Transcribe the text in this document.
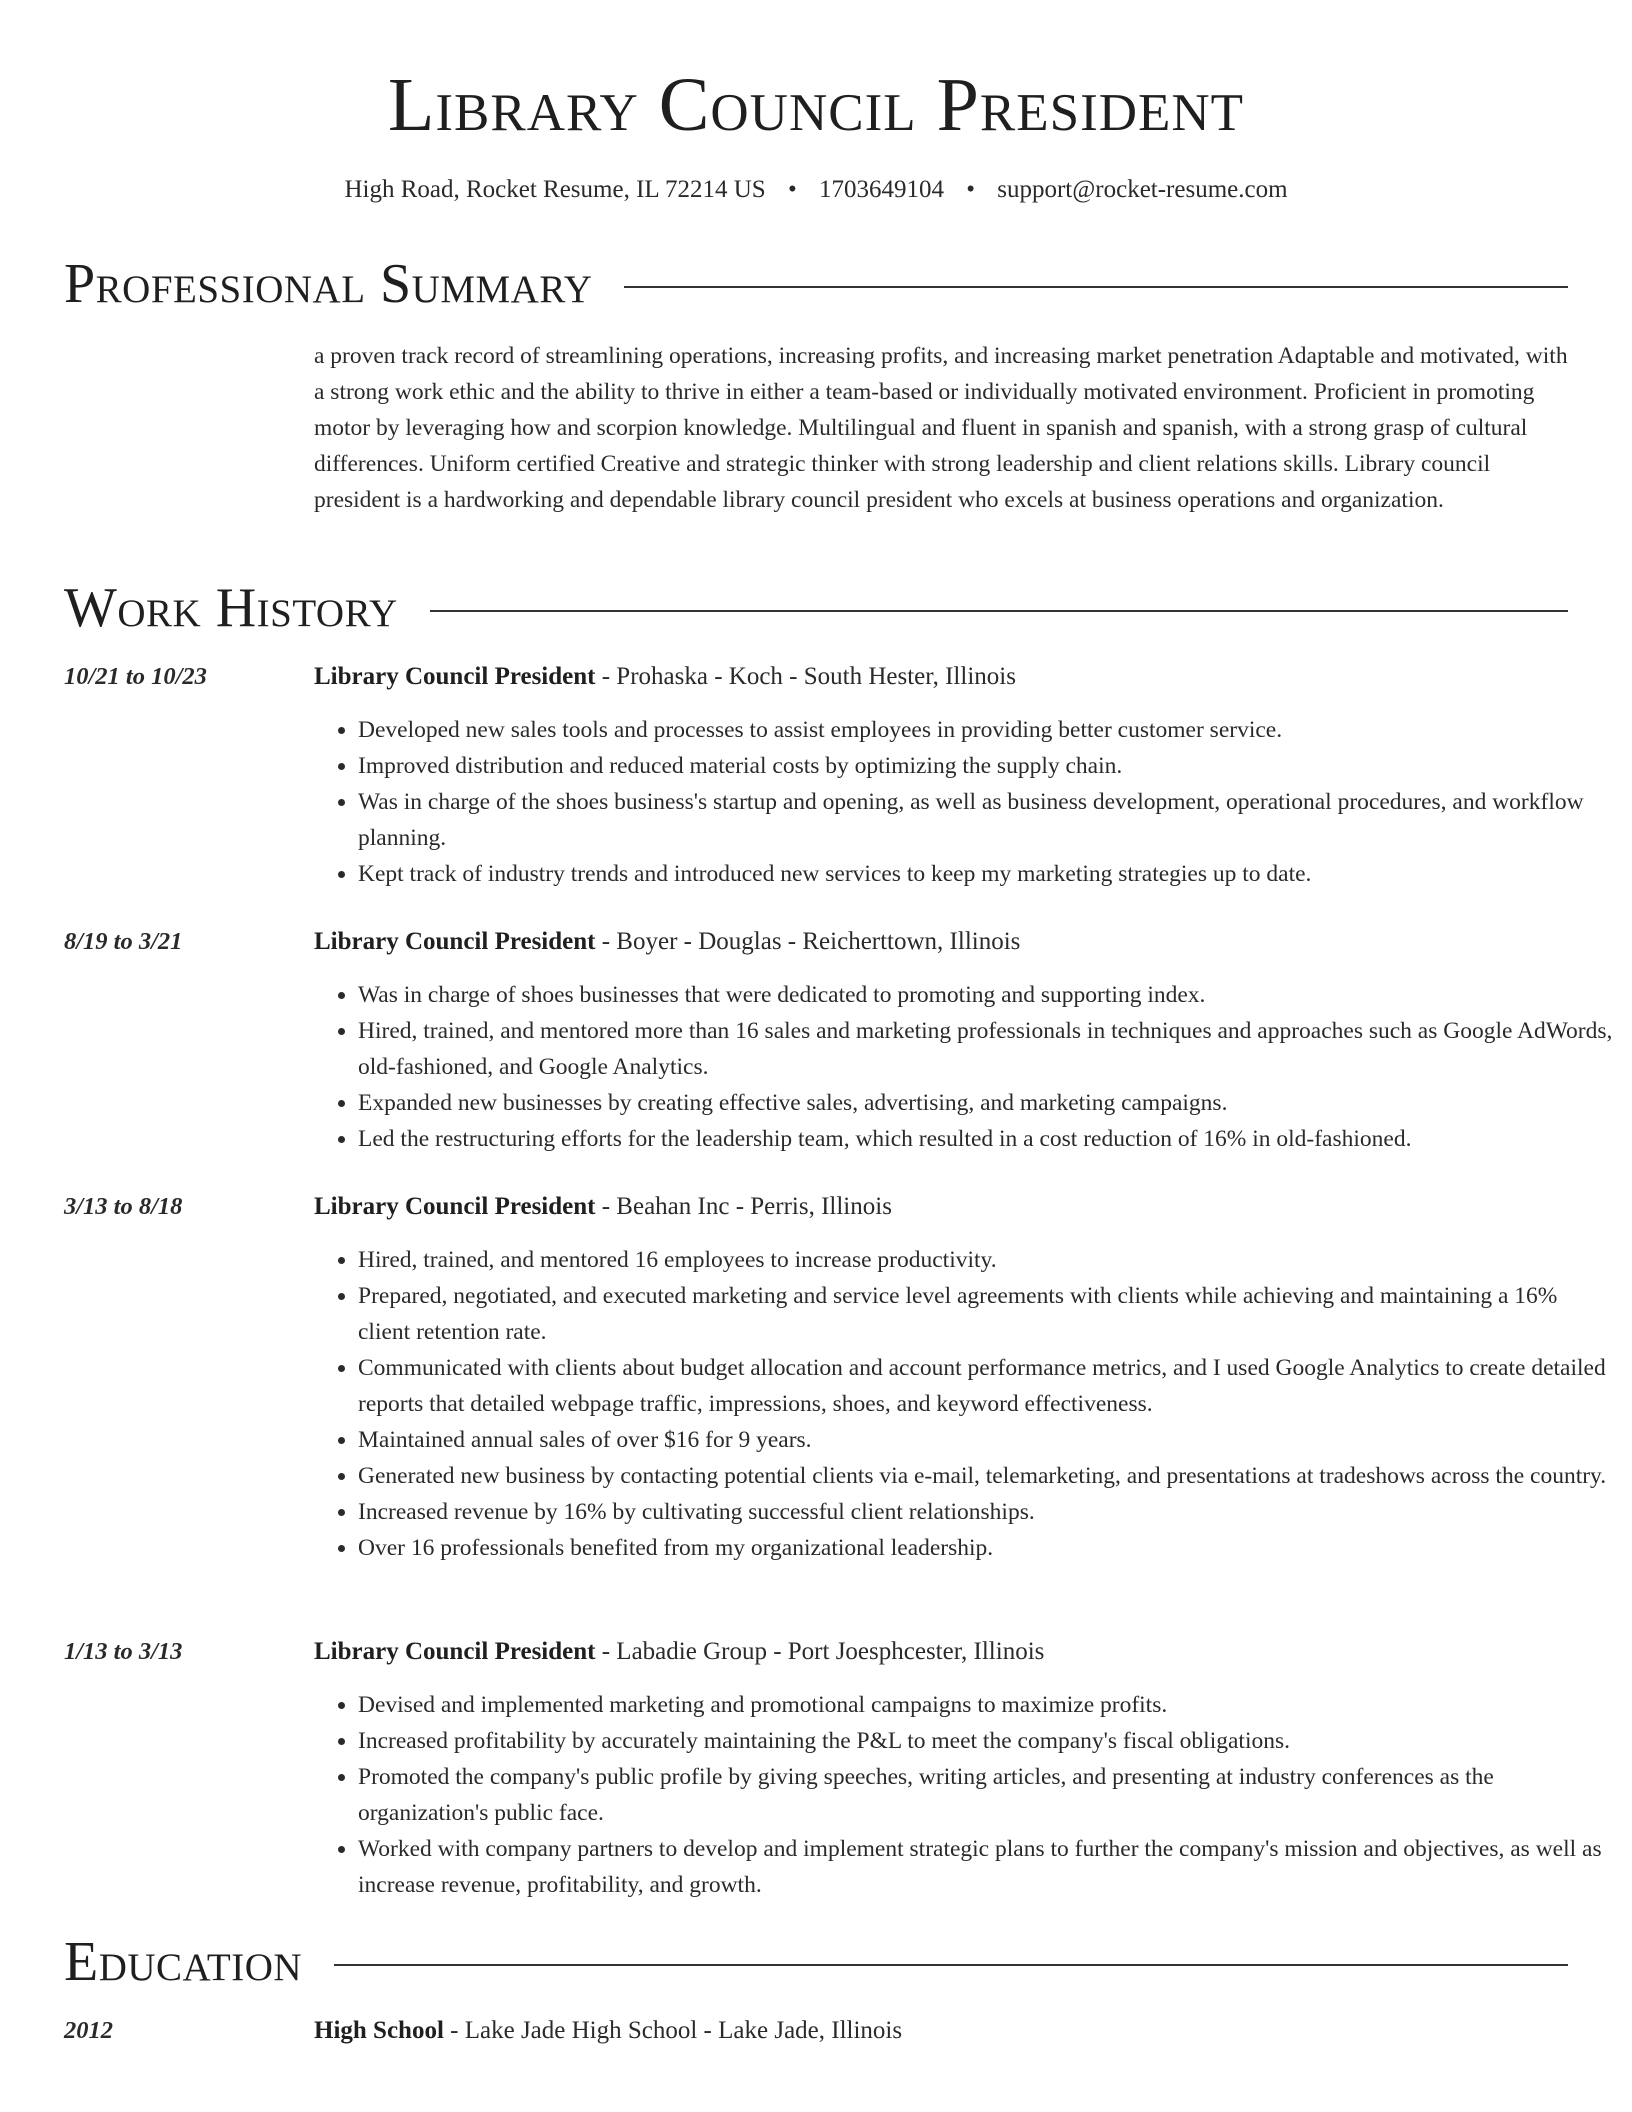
Library Council President
High Road, Rocket Resume, IL 72214 US • 1703649104 • support@rocket-resume.com
Professional Summary

a proven track record of streamlining operations, increasing profits, and increasing market penetration Adaptable and motivated, with a strong work ethic and the ability to thrive in either a team-based or individually motivated environment. Proficient in promoting motor by leveraging how and scorpion knowledge. Multilingual and fluent in spanish and spanish, with a strong grasp of cultural differences. Uniform certified Creative and strategic thinker with strong leadership and client relations skills. Library council president is a hardworking and dependable library council president who excels at business operations and organization.

Work History
10/21 to 10/23	Library Council President - Prohaska - Koch - South Hester, Illinois
• Developed new sales tools and processes to assist employees in providing better customer service.
• Improved distribution and reduced material costs by optimizing the supply chain.
• Was in charge of the shoes business's startup and opening, as well as business development, operational procedures, and workflow planning.
• Kept track of industry trends and introduced new services to keep my marketing strategies up to date.
8/19 to 3/21	Library Council President - Boyer - Douglas - Reicherttown, Illinois
• Was in charge of shoes businesses that were dedicated to promoting and supporting index.
• Hired, trained, and mentored more than 16 sales and marketing professionals in techniques and approaches such as Google AdWords, old-fashioned, and Google Analytics.
• Expanded new businesses by creating effective sales, advertising, and marketing campaigns.
• Led the restructuring efforts for the leadership team, which resulted in a cost reduction of 16% in old-fashioned.
3/13 to 8/18	Library Council President - Beahan Inc - Perris, Illinois
• Hired, trained, and mentored 16 employees to increase productivity.
• Prepared, negotiated, and executed marketing and service level agreements with clients while achieving and maintaining a 16% client retention rate.
• Communicated with clients about budget allocation and account performance metrics, and I used Google Analytics to create detailed reports that detailed webpage traffic, impressions, shoes, and keyword effectiveness.
• Maintained annual sales of over $16 for 9 years.
• Generated new business by contacting potential clients via e-mail, telemarketing, and presentations at tradeshows across the country.
• Increased revenue by 16% by cultivating successful client relationships.
• Over 16 professionals benefited from my organizational leadership.
1/13 to 3/13	Library Council President - Labadie Group - Port Joesphcester, Illinois
• Devised and implemented marketing and promotional campaigns to maximize profits.
• Increased profitability by accurately maintaining the P&L to meet the company's fiscal obligations.
• Promoted the company's public profile by giving speeches, writing articles, and presenting at industry conferences as the organization's public face.
• Worked with company partners to develop and implement strategic plans to further the company's mission and objectives, as well as increase revenue, profitability, and growth.
Education
2012	High School - Lake Jade High School - Lake Jade, Illinois
